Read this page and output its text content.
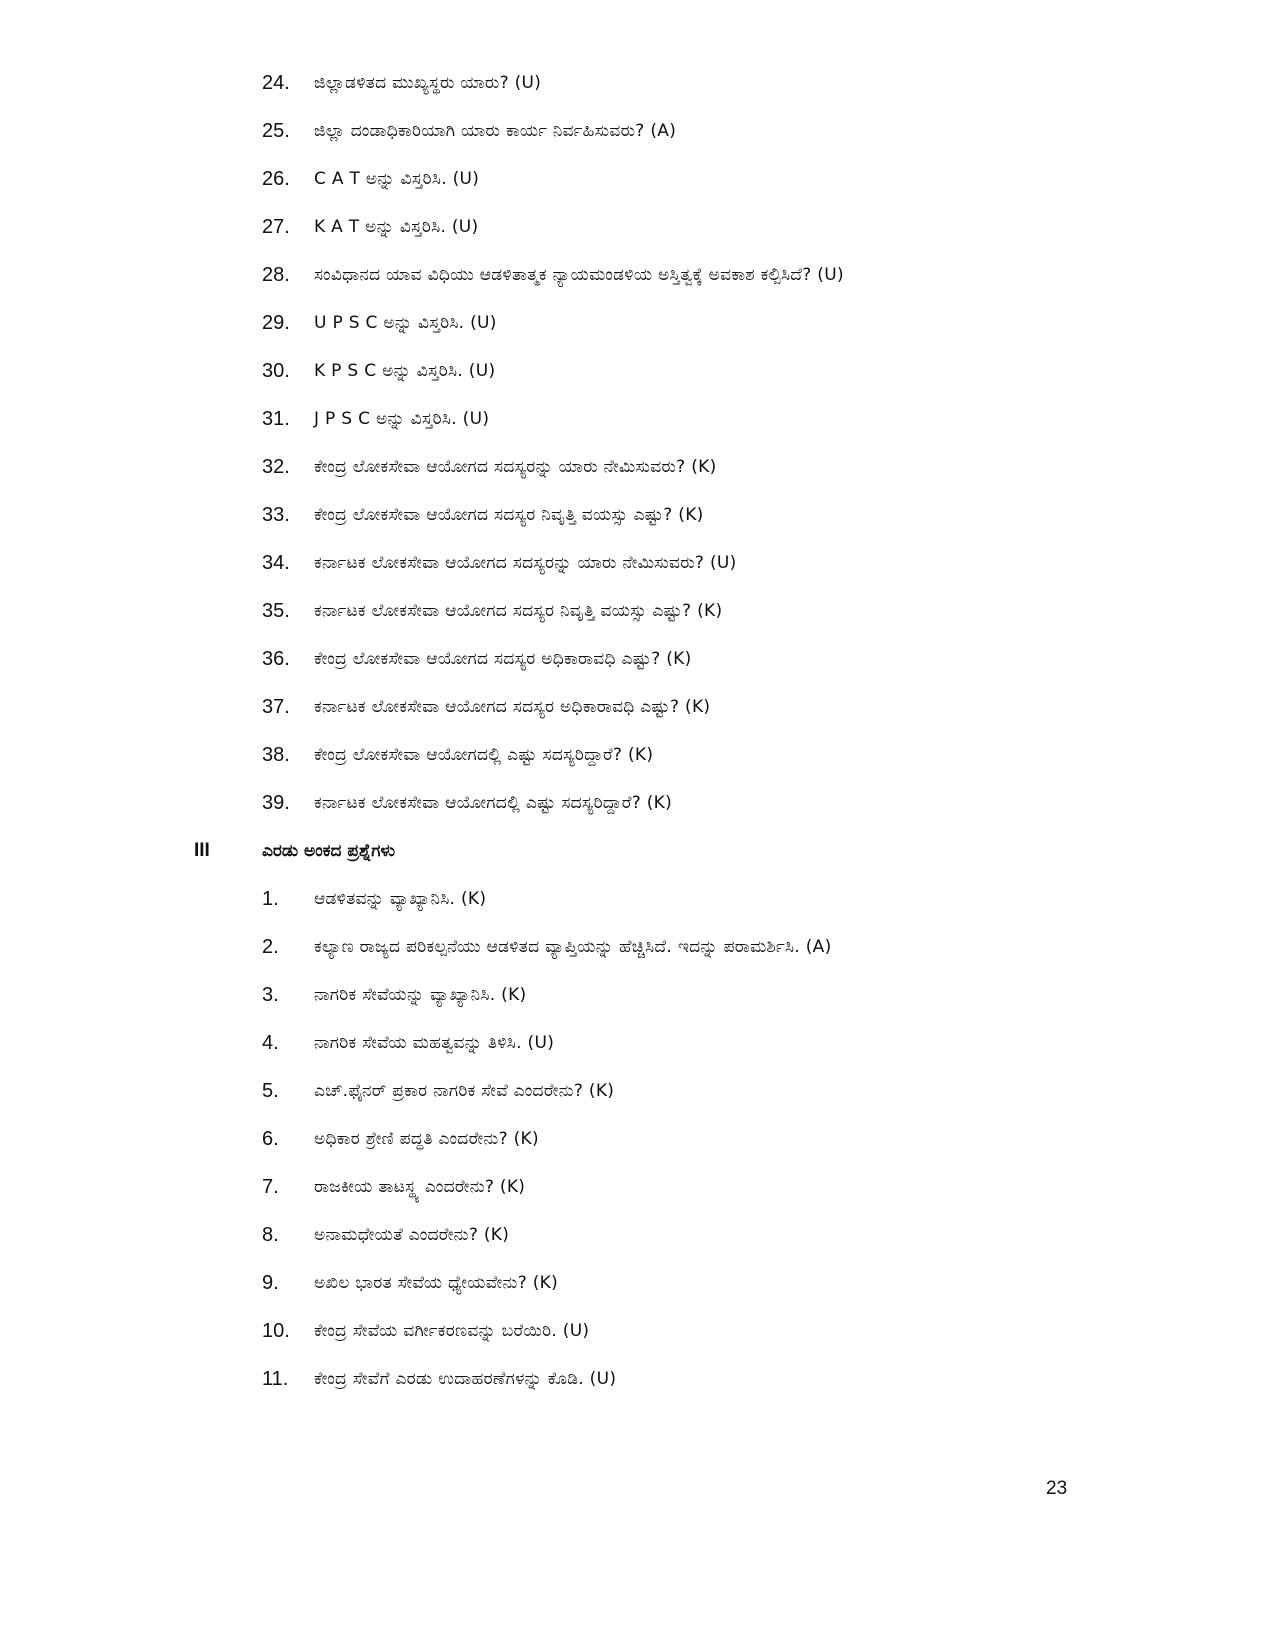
24.	ಜಿಲ್ಲಾಡಳಿತದ ಮುಖ್ಯಸ್ಥರು ಯಾರು? (U)
25.	ಜಿಲ್ಲಾ ದಂಡಾಧಿಕಾರಿಯಾಗಿ ಯಾರು ಕಾರ್ಯ ನಿರ್ವಹಿಸುವರು? (A)
26.	C A T ಅನ್ನು ವಿಸ್ತರಿಸಿ. (U)
27.	K A T ಅನ್ನು ವಿಸ್ತರಿಸಿ. (U)
28.	ಸಂವಿಧಾನದ ಯಾವ ವಿಧಿಯು ಆಡಳಿತಾತ್ಮಕ ನ್ಯಾಯಮಂಡಳಿಯ ಅಸ್ತಿತ್ವಕ್ಕೆ ಅವಕಾಶ ಕಲ್ಪಿಸಿದೆ? (U)
29.	U P S C ಅನ್ನು ವಿಸ್ತರಿಸಿ. (U)
30.	K P S C ಅನ್ನು ವಿಸ್ತರಿಸಿ. (U)
31.	J P S C ಅನ್ನು ವಿಸ್ತರಿಸಿ. (U)
32.	ಕೇಂದ್ರ ಲೋಕಸೇವಾ ಆಯೋಗದ ಸದಸ್ಯರನ್ನು ಯಾರು ನೇಮಿಸುವರು? (K)
33.	ಕೇಂದ್ರ ಲೋಕಸೇವಾ ಆಯೋಗದ ಸದಸ್ಯರ ನಿವೃತ್ತಿ ವಯಸ್ಸು ಎಷ್ಟು? (K)
34.	ಕರ್ನಾಟಕ ಲೋಕಸೇವಾ ಆಯೋಗದ ಸದಸ್ಯರನ್ನು ಯಾರು ನೇಮಿಸುವರು? (U)
35.	ಕರ್ನಾಟಕ ಲೋಕಸೇವಾ ಆಯೋಗದ ಸದಸ್ಯರ ನಿವೃತ್ತಿ ವಯಸ್ಸು ಎಷ್ಟು? (K)
36.	ಕೇಂದ್ರ ಲೋಕಸೇವಾ ಆಯೋಗದ ಸದಸ್ಯರ ಅಧಿಕಾರಾವಧಿ ಎಷ್ಟು? (K)
37.	ಕರ್ನಾಟಕ ಲೋಕಸೇವಾ ಆಯೋಗದ ಸದಸ್ಯರ ಅಧಿಕಾರಾವಧಿ ಎಷ್ಟು? (K)
38.	ಕೇಂದ್ರ ಲೋಕಸೇವಾ ಆಯೋಗದಲ್ಲಿ ಎಷ್ಟು ಸದಸ್ಯರಿದ್ದಾರೆ? (K)
39.	ಕರ್ನಾಟಕ ಲೋಕಸೇವಾ ಆಯೋಗದಲ್ಲಿ ಎಷ್ಟು ಸದಸ್ಯರಿದ್ದಾರೆ? (K)
III	ಎರಡು ಅಂಕದ ಪ್ರಶ್ನೆಗಳು
1.	ಆಡಳಿತವನ್ನು ವ್ಯಾಖ್ಯಾನಿಸಿ. (K)
2.	ಕಲ್ಯಾಣ ರಾಜ್ಯದ ಪರಿಕಲ್ಪನೆಯು ಆಡಳಿತದ ವ್ಯಾಪ್ತಿಯನ್ನು ಹೆಚ್ಚಿಸಿದೆ. ಇದನ್ನು ಪರಾಮರ್ಶಿಸಿ. (A)
3.	ನಾಗರಿಕ ಸೇವೆಯನ್ನು ವ್ಯಾಖ್ಯಾನಿಸಿ. (K)
4.	ನಾಗರಿಕ ಸೇವೆಯ ಮಹತ್ವವನ್ನು ತಿಳಿಸಿ. (U)
5.	ಎಚ್.ಫೈನರ್ ಪ್ರಕಾರ ನಾಗರಿಕ ಸೇವೆ ಎಂದರೇನು? (K)
6.	ಅಧಿಕಾರ ಶ್ರೇಣಿ ಪದ್ಧತಿ ಎಂದರೇನು? (K)
7.	ರಾಜಕೀಯ ತಾಟಸ್ಥ್ಯ ಎಂದರೇನು? (K)
8.	ಅನಾಮಧೇಯತೆ ಎಂದರೇನು? (K)
9.	ಅಖಿಲ ಭಾರತ ಸೇವೆಯ ಧ್ಯೇಯವೇನು? (K)
10.	ಕೇಂದ್ರ ಸೇವೆಯ ವರ್ಗೀಕರಣವನ್ನು ಬರೆಯಿರಿ. (U)
11.	ಕೇಂದ್ರ ಸೇವೆಗೆ ಎರಡು ಉದಾಹರಣೆಗಳನ್ನು ಕೊಡಿ. (U)
23
